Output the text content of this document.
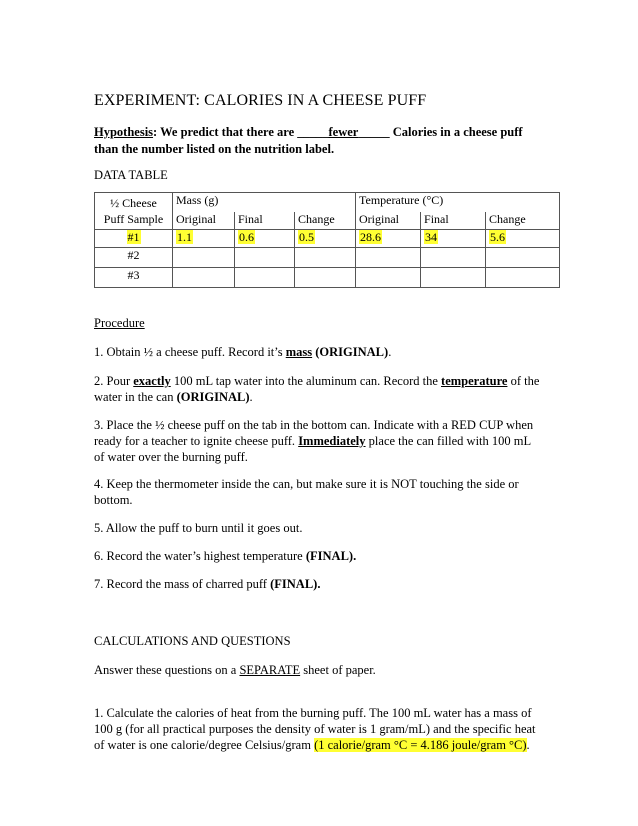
EXPERIMENT: CALORIES IN A CHEESE PUFF
Hypothesis: We predict that there are _____fewer_____ Calories in a cheese puff
than the number listed on the nutrition label.
DATA TABLE
½ Cheese
Puff Sample	Mass (g)			Temperature (°C)		
	Original	Final	Change	Original	Final	Change
#1	1.1	0.6	0.5	28.6	34	5.6
#2						
#3						
Procedure
1. Obtain ½ a cheese puff. Record it’s mass (ORIGINAL).
2. Pour exactly 100 mL tap water into the aluminum can. Record the temperature of the
water in the can (ORIGINAL).
3. Place the ½ cheese puff on the tab in the bottom can. Indicate with a RED CUP when
ready for a teacher to ignite cheese puff. Immediately place the can filled with 100 mL
of water over the burning puff.
4. Keep the thermometer inside the can, but make sure it is NOT touching the side or
bottom.
5. Allow the puff to burn until it goes out.
6. Record the water’s highest temperature (FINAL).
7. Record the mass of charred puff (FINAL).
CALCULATIONS AND QUESTIONS
Answer these questions on a SEPARATE sheet of paper.
1. Calculate the calories of heat from the burning puff. The 100 mL water has a mass of
100 g (for all practical purposes the density of water is 1 gram/mL) and the specific heat
of water is one calorie/degree Celsius/gram (1 calorie/gram °C = 4.186 joule/gram °C).
